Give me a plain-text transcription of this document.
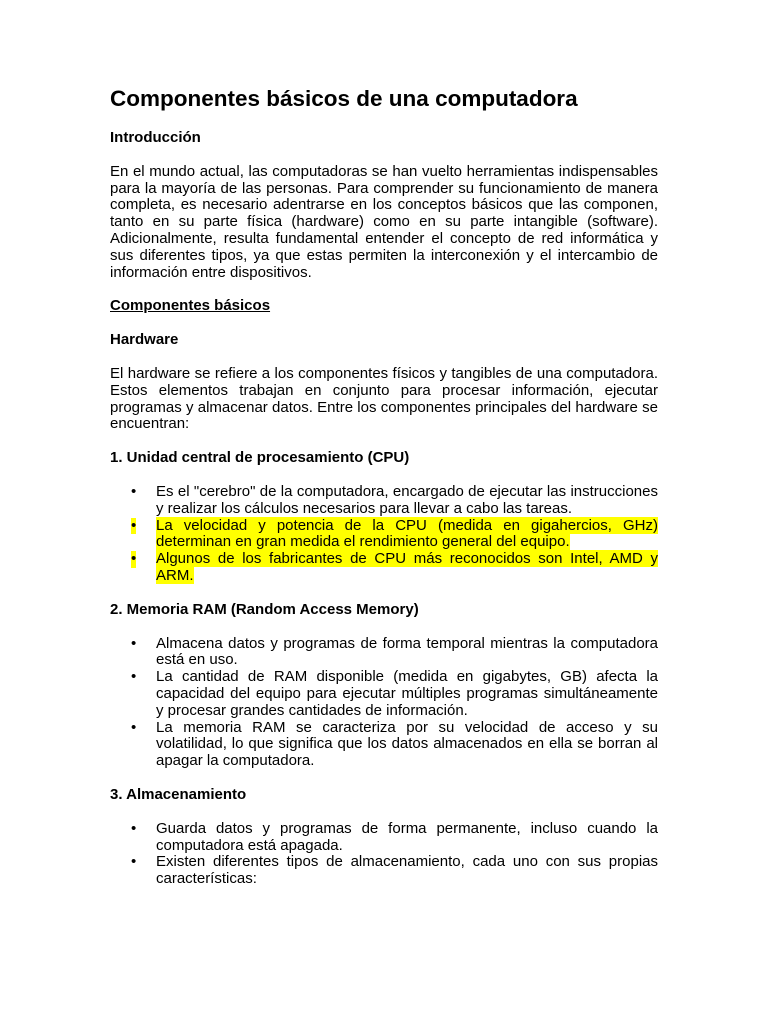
Componentes básicos de una computadora
Introducción

En el mundo actual, las computadoras se han vuelto herramientas indispensables para la mayoría de las personas. Para comprender su funcionamiento de manera completa, es necesario adentrarse en los conceptos básicos que las componen, tanto en su parte física (hardware) como en su parte intangible (software). Adicionalmente, resulta fundamental entender el concepto de red informática y sus diferentes tipos, ya que estas permiten la interconexión y el intercambio de información entre dispositivos.

Componentes básicos
Hardware

El hardware se refiere a los componentes físicos y tangibles de una computadora. Estos elementos trabajan en conjunto para procesar información, ejecutar programas y almacenar datos. Entre los componentes principales del hardware se encuentran:

1. Unidad central de procesamiento (CPU)
• Es el "cerebro" de la computadora, encargado de ejecutar las instrucciones y realizar los cálculos necesarios para llevar a cabo las tareas.
• La velocidad y potencia de la CPU (medida en gigahercios, GHz) determinan en gran medida el rendimiento general del equipo.
• Algunos de los fabricantes de CPU más reconocidos son Intel, AMD y ARM.
2. Memoria RAM (Random Access Memory)
• Almacena datos y programas de forma temporal mientras la computadora está en uso.
• La cantidad de RAM disponible (medida en gigabytes, GB) afecta la capacidad del equipo para ejecutar múltiples programas simultáneamente y procesar grandes cantidades de información.
• La memoria RAM se caracteriza por su velocidad de acceso y su volatilidad, lo que significa que los datos almacenados en ella se borran al apagar la computadora.
3. Almacenamiento
• Guarda datos y programas de forma permanente, incluso cuando la computadora está apagada.
• Existen diferentes tipos de almacenamiento, cada uno con sus propias características:
